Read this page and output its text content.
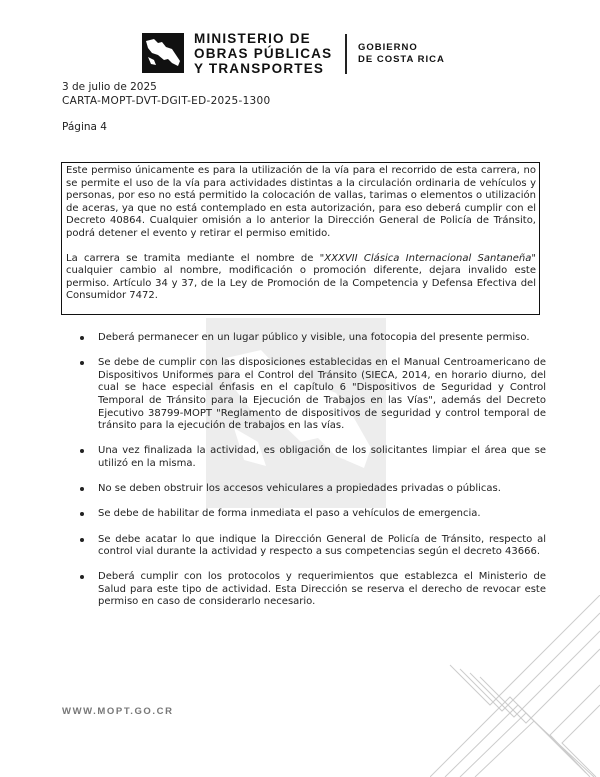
MINISTERIO DE
OBRAS PÚBLICAS
Y TRANSPORTES
GOBIERNO
DE COSTA RICA
3 de julio de 2025
CARTA-MOPT-DVT-DGIT-ED-2025-1300
Página 4

Este permiso únicamente es para la utilización de la vía para el recorrido de esta carrera, no se permite el uso de la vía para actividades distintas a la circulación ordinaria de vehículos y personas, por eso no está permitido la colocación de vallas, tarimas o elementos o utilización de aceras, ya que no está contemplado en esta autorización, para eso deberá cumplir con el Decreto 40864. Cualquier omisión a lo anterior la Dirección General de Policía de Tránsito, podrá detener el evento y retirar el permiso emitido.

La carrera se tramita mediante el nombre de "XXXVII Clásica Internacional Santaneña" cualquier cambio al nombre, modificación o promoción diferente, dejara invalido este permiso. Artículo 34 y 37, de la Ley de Promoción de la Competencia y Defensa Efectiva del Consumidor 7472.

Deberá permanecer en un lugar público y visible, una fotocopia del presente permiso.
Se debe de cumplir con las disposiciones establecidas en el Manual Centroamericano de Dispositivos Uniformes para el Control del Tránsito (SIECA, 2014, en horario diurno, del cual se hace especial énfasis en el capítulo 6 "Dispositivos de Seguridad y Control Temporal de Tránsito para la Ejecución de Trabajos en las Vías", además del Decreto Ejecutivo 38799-MOPT "Reglamento de dispositivos de seguridad y control temporal de tránsito para la ejecución de trabajos en las vías.
Una vez finalizada la actividad, es obligación de los solicitantes limpiar el área que se utilizó en la misma.
No se deben obstruir los accesos vehiculares a propiedades privadas o públicas.
Se debe de habilitar de forma inmediata el paso a vehículos de emergencia.
Se debe acatar lo que indique la Dirección General de Policía de Tránsito, respecto al control vial durante la actividad y respecto a sus competencias según el decreto 43666.
Deberá cumplir con los protocolos y requerimientos que establezca el Ministerio de Salud para este tipo de actividad. Esta Dirección se reserva el derecho de revocar este permiso en caso de considerarlo necesario.
WWW.MOPT.GO.CR
